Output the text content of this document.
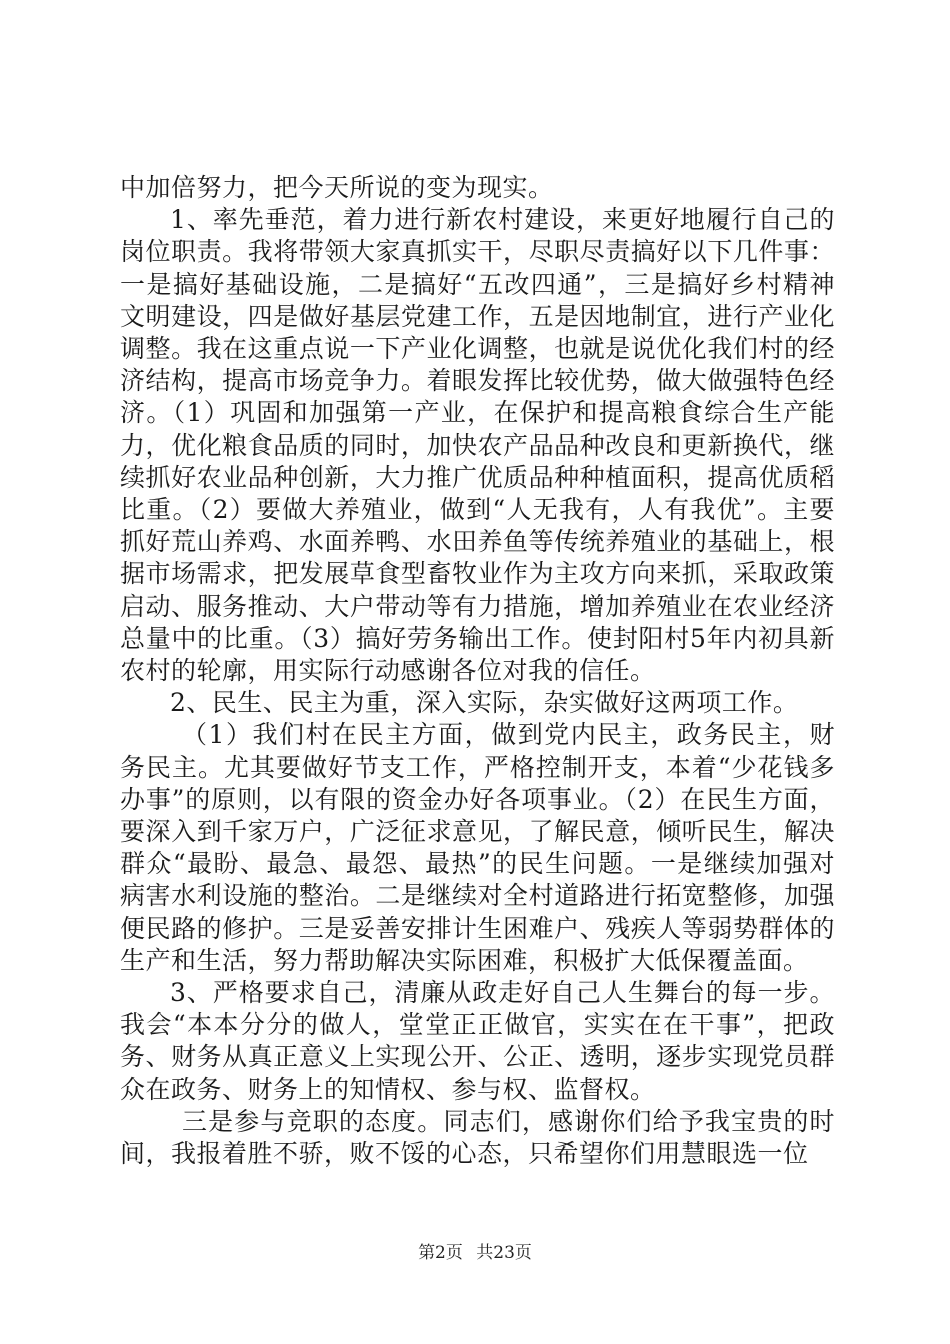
中加倍努力，把今天所说的变为现实。

1、率先垂范，着力进行新农村建设，来更好地履行自己的岗位职责。我将带领大家真抓实干，尽职尽责搞好以下几件事：一是搞好基础设施，二是搞好“五改四通”，三是搞好乡村精神文明建设，四是做好基层党建工作，五是因地制宜，进行产业化调整。我在这重点说一下产业化调整，也就是说优化我们村的经济结构，提高市场竞争力。着眼发挥比较优势，做大做强特色经济。（1）巩固和加强第一产业，在保护和提高粮食综合生产能力，优化粮食品质的同时，加快农产品品种改良和更新换代，继续抓好农业品种创新，大力推广优质品种种植面积，提高优质稻比重。（2）要做大养殖业，做到“人无我有，人有我优”。主要抓好荒山养鸡、水面养鸭、水田养鱼等传统养殖业的基础上，根据市场需求，把发展草食型畜牧业作为主攻方向来抓，采取政策启动、服务推动、大户带动等有力措施，增加养殖业在农业经济总量中的比重。（3）搞好劳务输出工作。使封阳村5年内初具新农村的轮廓，用实际行动感谢各位对我的信任。

2、民生、民主为重，深入实际，杂实做好这两项工作。

（1）我们村在民主方面，做到党内民主，政务民主，财务民主。尤其要做好节支工作，严格控制开支，本着“少花钱多办事”的原则，以有限的资金办好各项事业。（2）在民生方面，要深入到千家万户，广泛征求意见，了解民意，倾听民生，解决群众“最盼、最急、最怨、最热”的民生问题。一是继续加强对病害水利设施的整治。二是继续对全村道路进行拓宽整修，加强便民路的修护。三是妥善安排计生困难户、残疾人等弱势群体的生产和生活，努力帮助解决实际困难，积极扩大低保覆盖面。

3、严格要求自己，清廉从政走好自己人生舞台的每一步。我会“本本分分的做人，堂堂正正做官，实实在在干事”，把政务、财务从真正意义上实现公开、公正、透明，逐步实现党员群众在政务、财务上的知情权、参与权、监督权。

三是参与竞职的态度。同志们，感谢你们给予我宝贵的时间，我报着胜不骄，败不馁的心态，只希望你们用慧眼选一位

第2页 共23页
